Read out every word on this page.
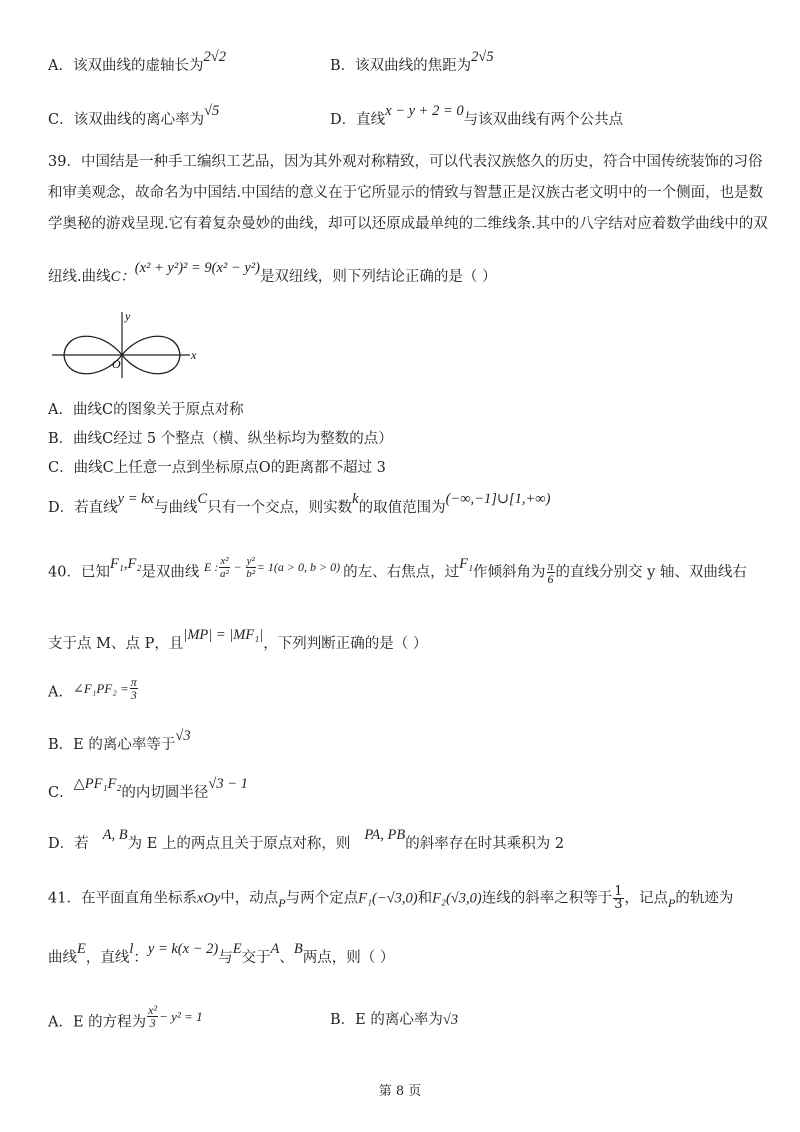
A．该双曲线的虚轴长为2√2
B．该双曲线的焦距为2√5
C．该双曲线的离心率为√5
D．直线x − y + 2 = 0与该双曲线有两个公共点
39．中国结是一种手工编织工艺品，因为其外观对称精致，可以代表汉族悠久的历史，符合中国传统装饰的习俗
和审美观念，故命名为中国结.中国结的意义在于它所显示的情致与智慧正是汉族古老文明中的一个侧面，也是数
学奥秘的游戏呈现.它有着复杂曼妙的曲线，却可以还原成最单纯的二维线条.其中的八字结对应着数学曲线中的双
纽线.曲线C：(x² + y²)² = 9(x² − y²)是双纽线，则下列结论正确的是（ ）
y
x
O
A．曲线C的图象关于原点对称
B．曲线C经过 5 个整点（横、纵坐标均为整数的点）
C．曲线C上任意一点到坐标原点O的距离都不超过 3
D．若直线y = kx与曲线C只有一个交点，则实数k的取值范围为(−∞,−1]∪[1,+∞)
40．已知F₁,F₂是双曲线 $^{E : \frac{\text{x²}}{\text{a²}} - \frac{\text{y²}}{\text{b²}} = 1(a > 0, b > 0)}$ 的左、右焦点，过F₁作倾斜角为 $\frac{\pi}{6}$ 的直线分别交 y 轴、双曲线右
支于点 M、点 P，且|MP| = |MF₁|，下列判断正确的是（ ）
A．∠F₁PF₂ = $\frac{\pi}{3}$
B．E 的离心率等于√3
C．△PF₁F₂的内切圆半径√3 − 1
D．若A, B为 E 上的两点且关于原点对称，则PA, PB的斜率存在时其乘积为 2
41．在平面直角坐标系xOy中，动点$_P$与两个定点F₁(−√3,0)和F₂(√3,0)连线的斜率之积等于 $\frac{1}{3}$ ，记点$_P$的轨迹为
曲线E，直线l：y = k(x − 2)与E交于A、B两点，则（ ）
A．E 的方程为 $\frac{\text{x²}}{3} - y^2 = 1$	B．E 的离心率为√3
第 8 页
